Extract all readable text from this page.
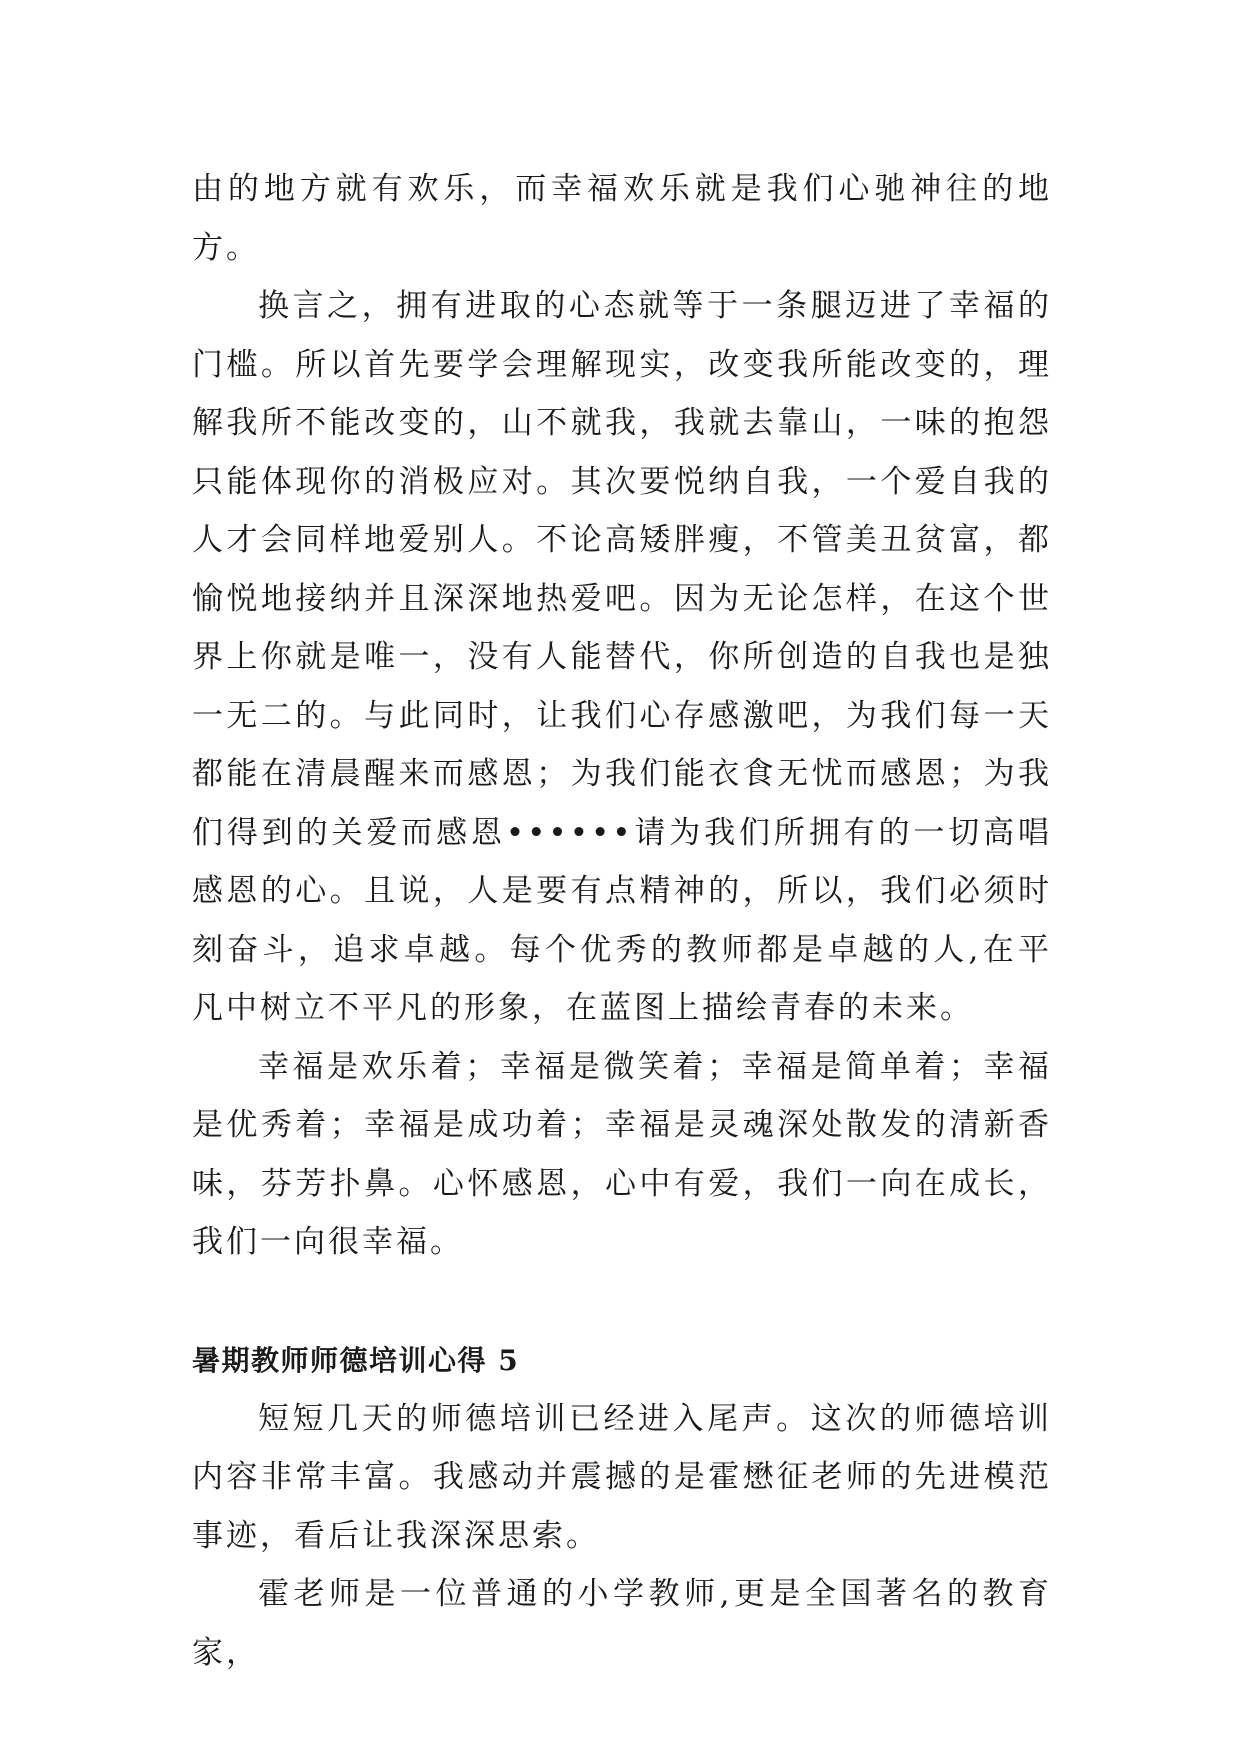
由的地方就有欢乐，而幸福欢乐就是我们心驰神往的地方。

换言之，拥有进取的心态就等于一条腿迈进了幸福的门槛。所以首先要学会理解现实，改变我所能改变的，理解我所不能改变的，山不就我，我就去靠山，一味的抱怨只能体现你的消极应对。其次要悦纳自我，一个爱自我的人才会同样地爱别人。不论高矮胖瘦，不管美丑贫富，都愉悦地接纳并且深深地热爱吧。因为无论怎样，在这个世界上你就是唯一，没有人能替代，你所创造的自我也是独一无二的。与此同时，让我们心存感激吧，为我们每一天都能在清晨醒来而感恩；为我们能衣食无忧而感恩；为我们得到的关爱而感恩••••••请为我们所拥有的一切高唱感恩的心。且说，人是要有点精神的，所以，我们必须时刻奋斗，追求卓越。每个优秀的教师都是卓越的人,在平凡中树立不平凡的形象，在蓝图上描绘青春的未来。

幸福是欢乐着；幸福是微笑着；幸福是简单着；幸福是优秀着；幸福是成功着；幸福是灵魂深处散发的清新香味，芬芳扑鼻。心怀感恩，心中有爱，我们一向在成长，我们一向很幸福。

暑期教师师德培训心得 5

短短几天的师德培训已经进入尾声。这次的师德培训内容非常丰富。我感动并震撼的是霍懋征老师的先进模范事迹，看后让我深深思索。

霍老师是一位普通的小学教师,更是全国著名的教育家，
